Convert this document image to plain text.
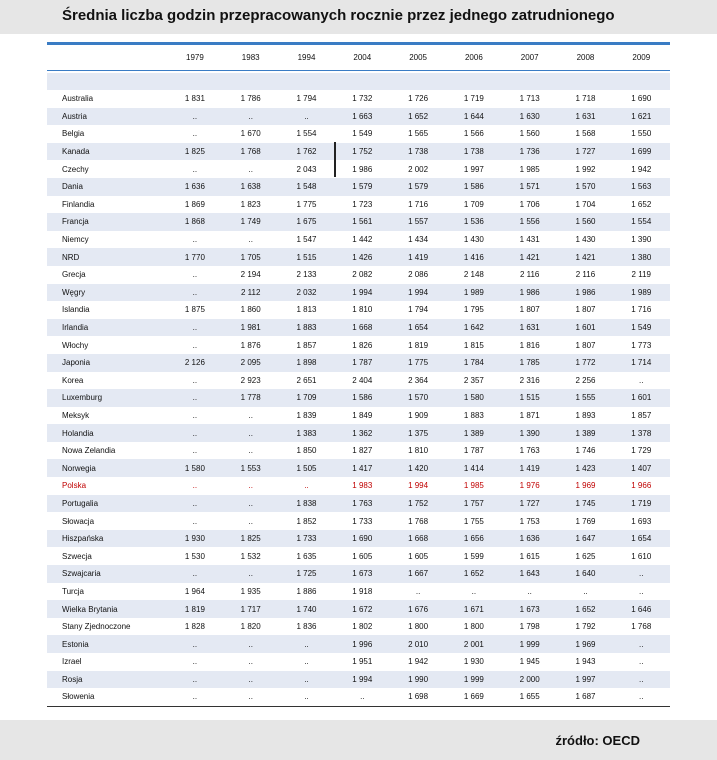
Średnia liczba godzin przepracowanych rocznie przez jednego zatrudnionego
1979	1983	1994	2004	2005	2006	2007	2008	2009
Australia	1 831	1 786	1 794	1 732	1 726	1 719	1 713	1 718	1 690
Austria	..	..	..	1 663	1 652	1 644	1 630	1 631	1 621
Belgia	..	1 670	1 554	1 549	1 565	1 566	1 560	1 568	1 550
Kanada	1 825	1 768	1 762	1 752	1 738	1 738	1 736	1 727	1 699
Czechy	..	..	2 043	1 986	2 002	1 997	1 985	1 992	1 942
Dania	1 636	1 638	1 548	1 579	1 579	1 586	1 571	1 570	1 563
Finlandia	1 869	1 823	1 775	1 723	1 716	1 709	1 706	1 704	1 652
Francja	1 868	1 749	1 675	1 561	1 557	1 536	1 556	1 560	1 554
Niemcy	..	..	1 547	1 442	1 434	1 430	1 431	1 430	1 390
NRD	1 770	1 705	1 515	1 426	1 419	1 416	1 421	1 421	1 380
Grecja	..	2 194	2 133	2 082	2 086	2 148	2 116	2 116	2 119
Węgry	..	2 112	2 032	1 994	1 994	1 989	1 986	1 986	1 989
Islandia	1 875	1 860	1 813	1 810	1 794	1 795	1 807	1 807	1 716
Irlandia	..	1 981	1 883	1 668	1 654	1 642	1 631	1 601	1 549
Włochy	..	1 876	1 857	1 826	1 819	1 815	1 816	1 807	1 773
Japonia	2 126	2 095	1 898	1 787	1 775	1 784	1 785	1 772	1 714
Korea	..	2 923	2 651	2 404	2 364	2 357	2 316	2 256	..
Luxemburg	..	1 778	1 709	1 586	1 570	1 580	1 515	1 555	1 601
Meksyk	..	..	1 839	1 849	1 909	1 883	1 871	1 893	1 857
Holandia	..	..	1 383	1 362	1 375	1 389	1 390	1 389	1 378
Nowa Zelandia	..	..	1 850	1 827	1 810	1 787	1 763	1 746	1 729
Norwegia	1 580	1 553	1 505	1 417	1 420	1 414	1 419	1 423	1 407
Polska	..	..	..	1 983	1 994	1 985	1 976	1 969	1 966
Portugalia	..	..	1 838	1 763	1 752	1 757	1 727	1 745	1 719
Słowacja	..	..	1 852	1 733	1 768	1 755	1 753	1 769	1 693
Hiszpańska	1 930	1 825	1 733	1 690	1 668	1 656	1 636	1 647	1 654
Szwecja	1 530	1 532	1 635	1 605	1 605	1 599	1 615	1 625	1 610
Szwajcaria	..	..	1 725	1 673	1 667	1 652	1 643	1 640	..
Turcja	1 964	1 935	1 886	1 918	..	..	..	..	..
Wielka Brytania	1 819	1 717	1 740	1 672	1 676	1 671	1 673	1 652	1 646
Stany Zjednoczone	1 828	1 820	1 836	1 802	1 800	1 800	1 798	1 792	1 768
Estonia	..	..	..	1 996	2 010	2 001	1 999	1 969	..
Izrael	..	..	..	1 951	1 942	1 930	1 945	1 943	..
Rosja	..	..	..	1 994	1 990	1 999	2 000	1 997	..
Słowenia	..	..	..	..	1 698	1 669	1 655	1 687	..
źródło: OECD
